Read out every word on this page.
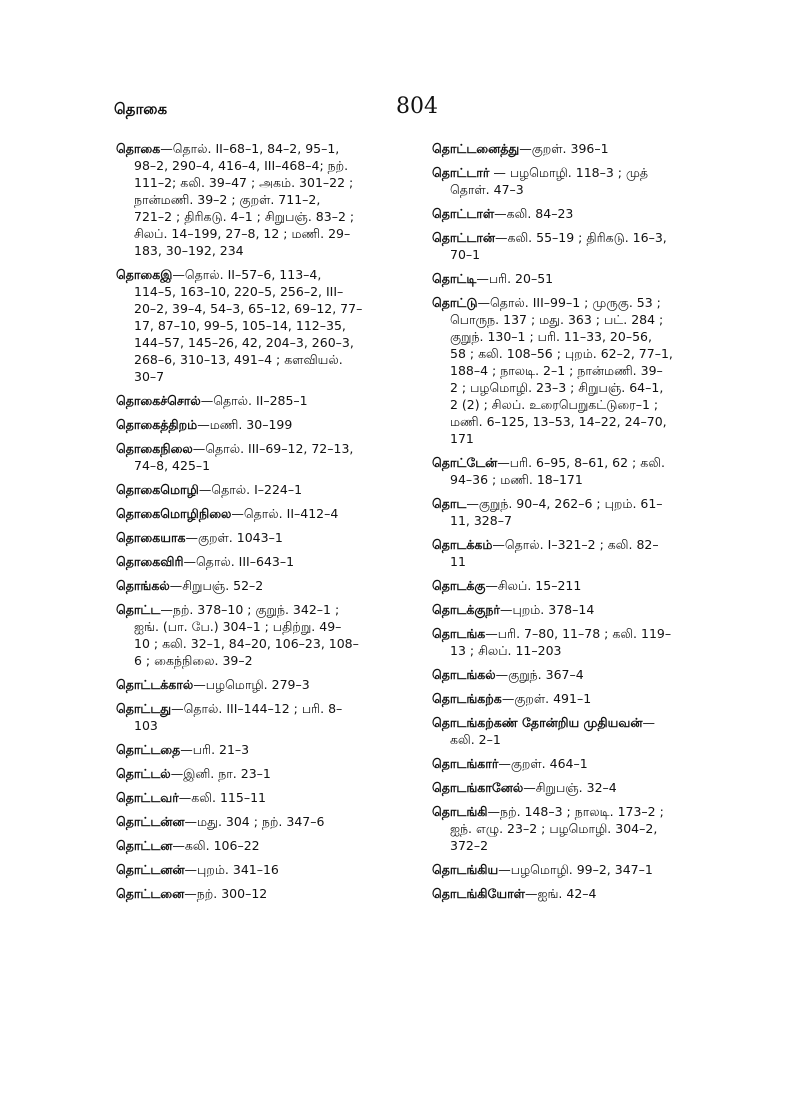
தொகை	804
தொகை—தொல். II–68–1, 84–2, 95–1,
98–2, 290–4, 416–4, III–468–4; நற்.
111–2; கலி. 39–47 ; அகம். 301–22 ;
நான்மணி. 39–2 ; குறள். 711–2,
721–2 ; திரிகடு. 4–1 ; சிறுபஞ். 83–2 ;
சிலப். 14–199, 27–8, 12 ; மணி. 29–
183, 30–192, 234
தொகைஇ—தொல். II–57–6, 113–4,
114–5, 163–10, 220–5, 256–2, III–
20–2, 39–4, 54–3, 65–12, 69–12, 77–
17, 87–10, 99–5, 105–14, 112–35,
144–57, 145–26, 42, 204–3, 260–3,
268–6, 310–13, 491–4 ; களவியல்.
30–7
தொகைச்சொல்—தொல். II–285–1
தொகைத்திறம்—மணி. 30–199
தொகைநிலை—தொல். III–69–12, 72–13,
74–8, 425–1
தொகைமொழி—தொல். I–224–1
தொகைமொழிநிலை—தொல். II–412–4
தொகையாக—குறள். 1043–1
தொகைவிரி—தொல். III–643–1
தொங்கல்—சிறுபஞ். 52–2
தொட்ட—நற். 378–10 ; குறுந். 342–1 ;
ஐங். (பா. பே.) 304–1 ; பதிற்று. 49–
10 ; கலி. 32–1, 84–20, 106–23, 108–
6 ; கைந்நிலை. 39–2
தொட்டக்கால்—பழமொழி. 279–3
தொட்டது—தொல். III–144–12 ; பரி. 8–
103
தொட்டதை—பரி. 21–3
தொட்டல்—இனி. நா. 23–1
தொட்டவர்—கலி. 115–11
தொட்டன்ன—மது. 304 ; நற். 347–6
தொட்டன—கலி. 106–22
தொட்டனன்—புறம். 341–16
தொட்டனை—நற். 300–12
தொட்டனைத்து—குறள். 396–1
தொட்டார் — பழமொழி. 118–3 ; முத்
தொள். 47–3
தொட்டாள்—கலி. 84–23
தொட்டான்—கலி. 55–19 ; திரிகடு. 16–3,
70–1
தொட்டி—பரி. 20–51
தொட்டு—தொல். III–99–1 ; முருகு. 53 ;
பொருந. 137 ; மது. 363 ; பட். 284 ;
குறுந். 130–1 ; பரி. 11–33, 20–56,
58 ; கலி. 108–56 ; புறம். 62–2, 77–1,
188–4 ; நாலடி. 2–1 ; நான்மணி. 39–
2 ; பழமொழி. 23–3 ; சிறுபஞ். 64–1,
2 (2) ; சிலப். உரைபெறுகட்டுரை–1 ;
மணி. 6–125, 13–53, 14–22, 24–70,
171
தொட்டேன்—பரி. 6–95, 8–61, 62 ; கலி.
94–36 ; மணி. 18–171
தொட—குறுந். 90–4, 262–6 ; புறம். 61–
11, 328–7
தொடக்கம்—தொல். I–321–2 ; கலி. 82–
11
தொடக்கு—சிலப். 15–211
தொடக்குநர்—புறம். 378–14
தொடங்க—பரி. 7–80, 11–78 ; கலி. 119–
13 ; சிலப். 11–203
தொடங்கல்—குறுந். 367–4
தொடங்கற்க—குறள். 491–1
தொடங்கற்கண் தோன்றிய முதியவன்—
கலி. 2–1
தொடங்கார்—குறள். 464–1
தொடங்கானேல்—சிறுபஞ். 32–4
தொடங்கி—நற். 148–3 ; நாலடி. 173–2 ;
ஐந். எழு. 23–2 ; பழமொழி. 304–2,
372–2
தொடங்கிய—பழமொழி. 99–2, 347–1
தொடங்கியோள்—ஐங். 42–4
